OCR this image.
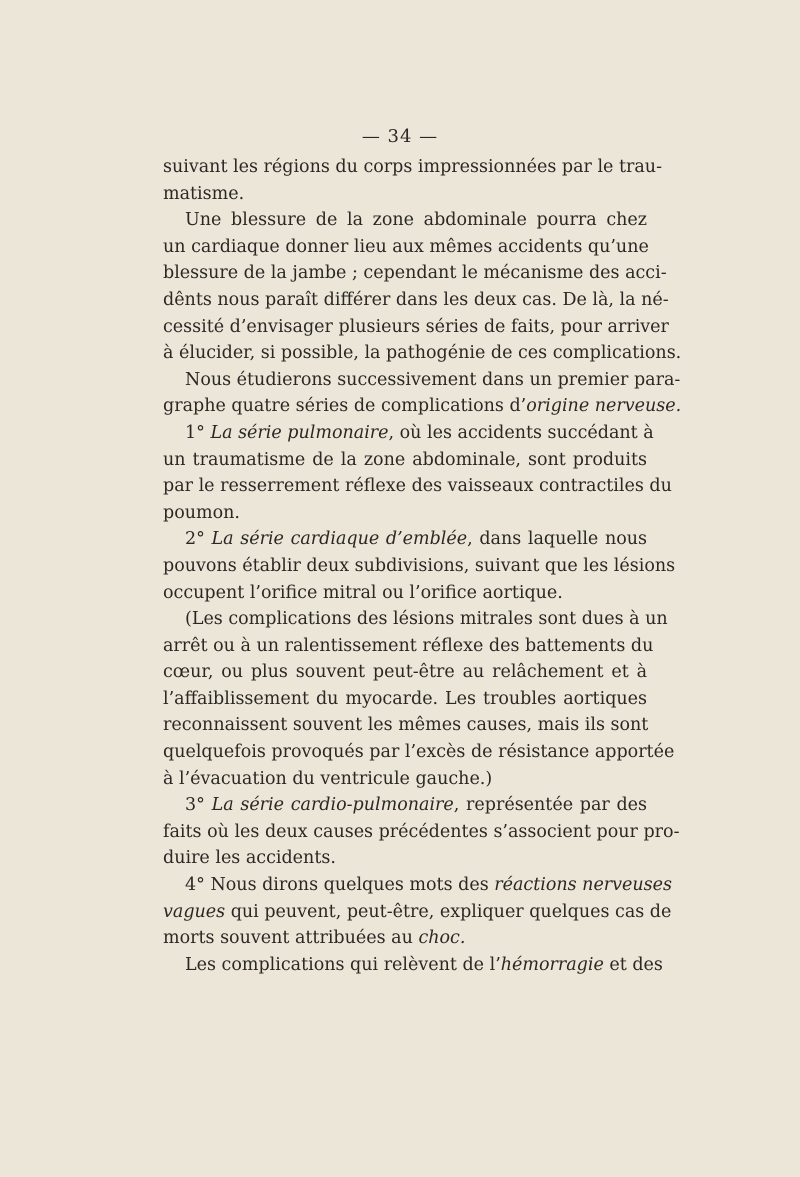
— 34 —
suivant les régions du corps impressionnées par le trau-
matisme.
Une blessure de la zone abdominale pourra chez
un cardiaque donner lieu aux mêmes accidents qu’une
blessure de la jambe ; cependant le mécanisme des acci-
dênts nous paraît différer dans les deux cas. De là, la né-
cessité d’envisager plusieurs séries de faits, pour arriver
à élucider, si possible, la pathogénie de ces complications.
Nous étudierons successivement dans un premier para-
graphe quatre séries de complications d’origine nerveuse.
1° La série pulmonaire, où les accidents succédant à
un traumatisme de la zone abdominale, sont produits
par le resserrement réflexe des vaisseaux contractiles du
poumon.
2° La série cardiaque d’emblée, dans laquelle nous
pouvons établir deux subdivisions, suivant que les lésions
occupent l’orifice mitral ou l’orifice aortique.
(Les complications des lésions mitrales sont dues à un
arrêt ou à un ralentissement réflexe des battements du
cœur, ou plus souvent peut-être au relâchement et à
l’affaiblissement du myocarde. Les troubles aortiques
reconnaissent souvent les mêmes causes, mais ils sont
quelquefois provoqués par l’excès de résistance apportée
à l’évacuation du ventricule gauche.)
3° La série cardio-pulmonaire, représentée par des
faits où les deux causes précédentes s’associent pour pro-
duire les accidents.
4° Nous dirons quelques mots des réactions nerveuses
vagues qui peuvent, peut-être, expliquer quelques cas de
morts souvent attribuées au choc.
Les complications qui relèvent de l’hémorragie et des
